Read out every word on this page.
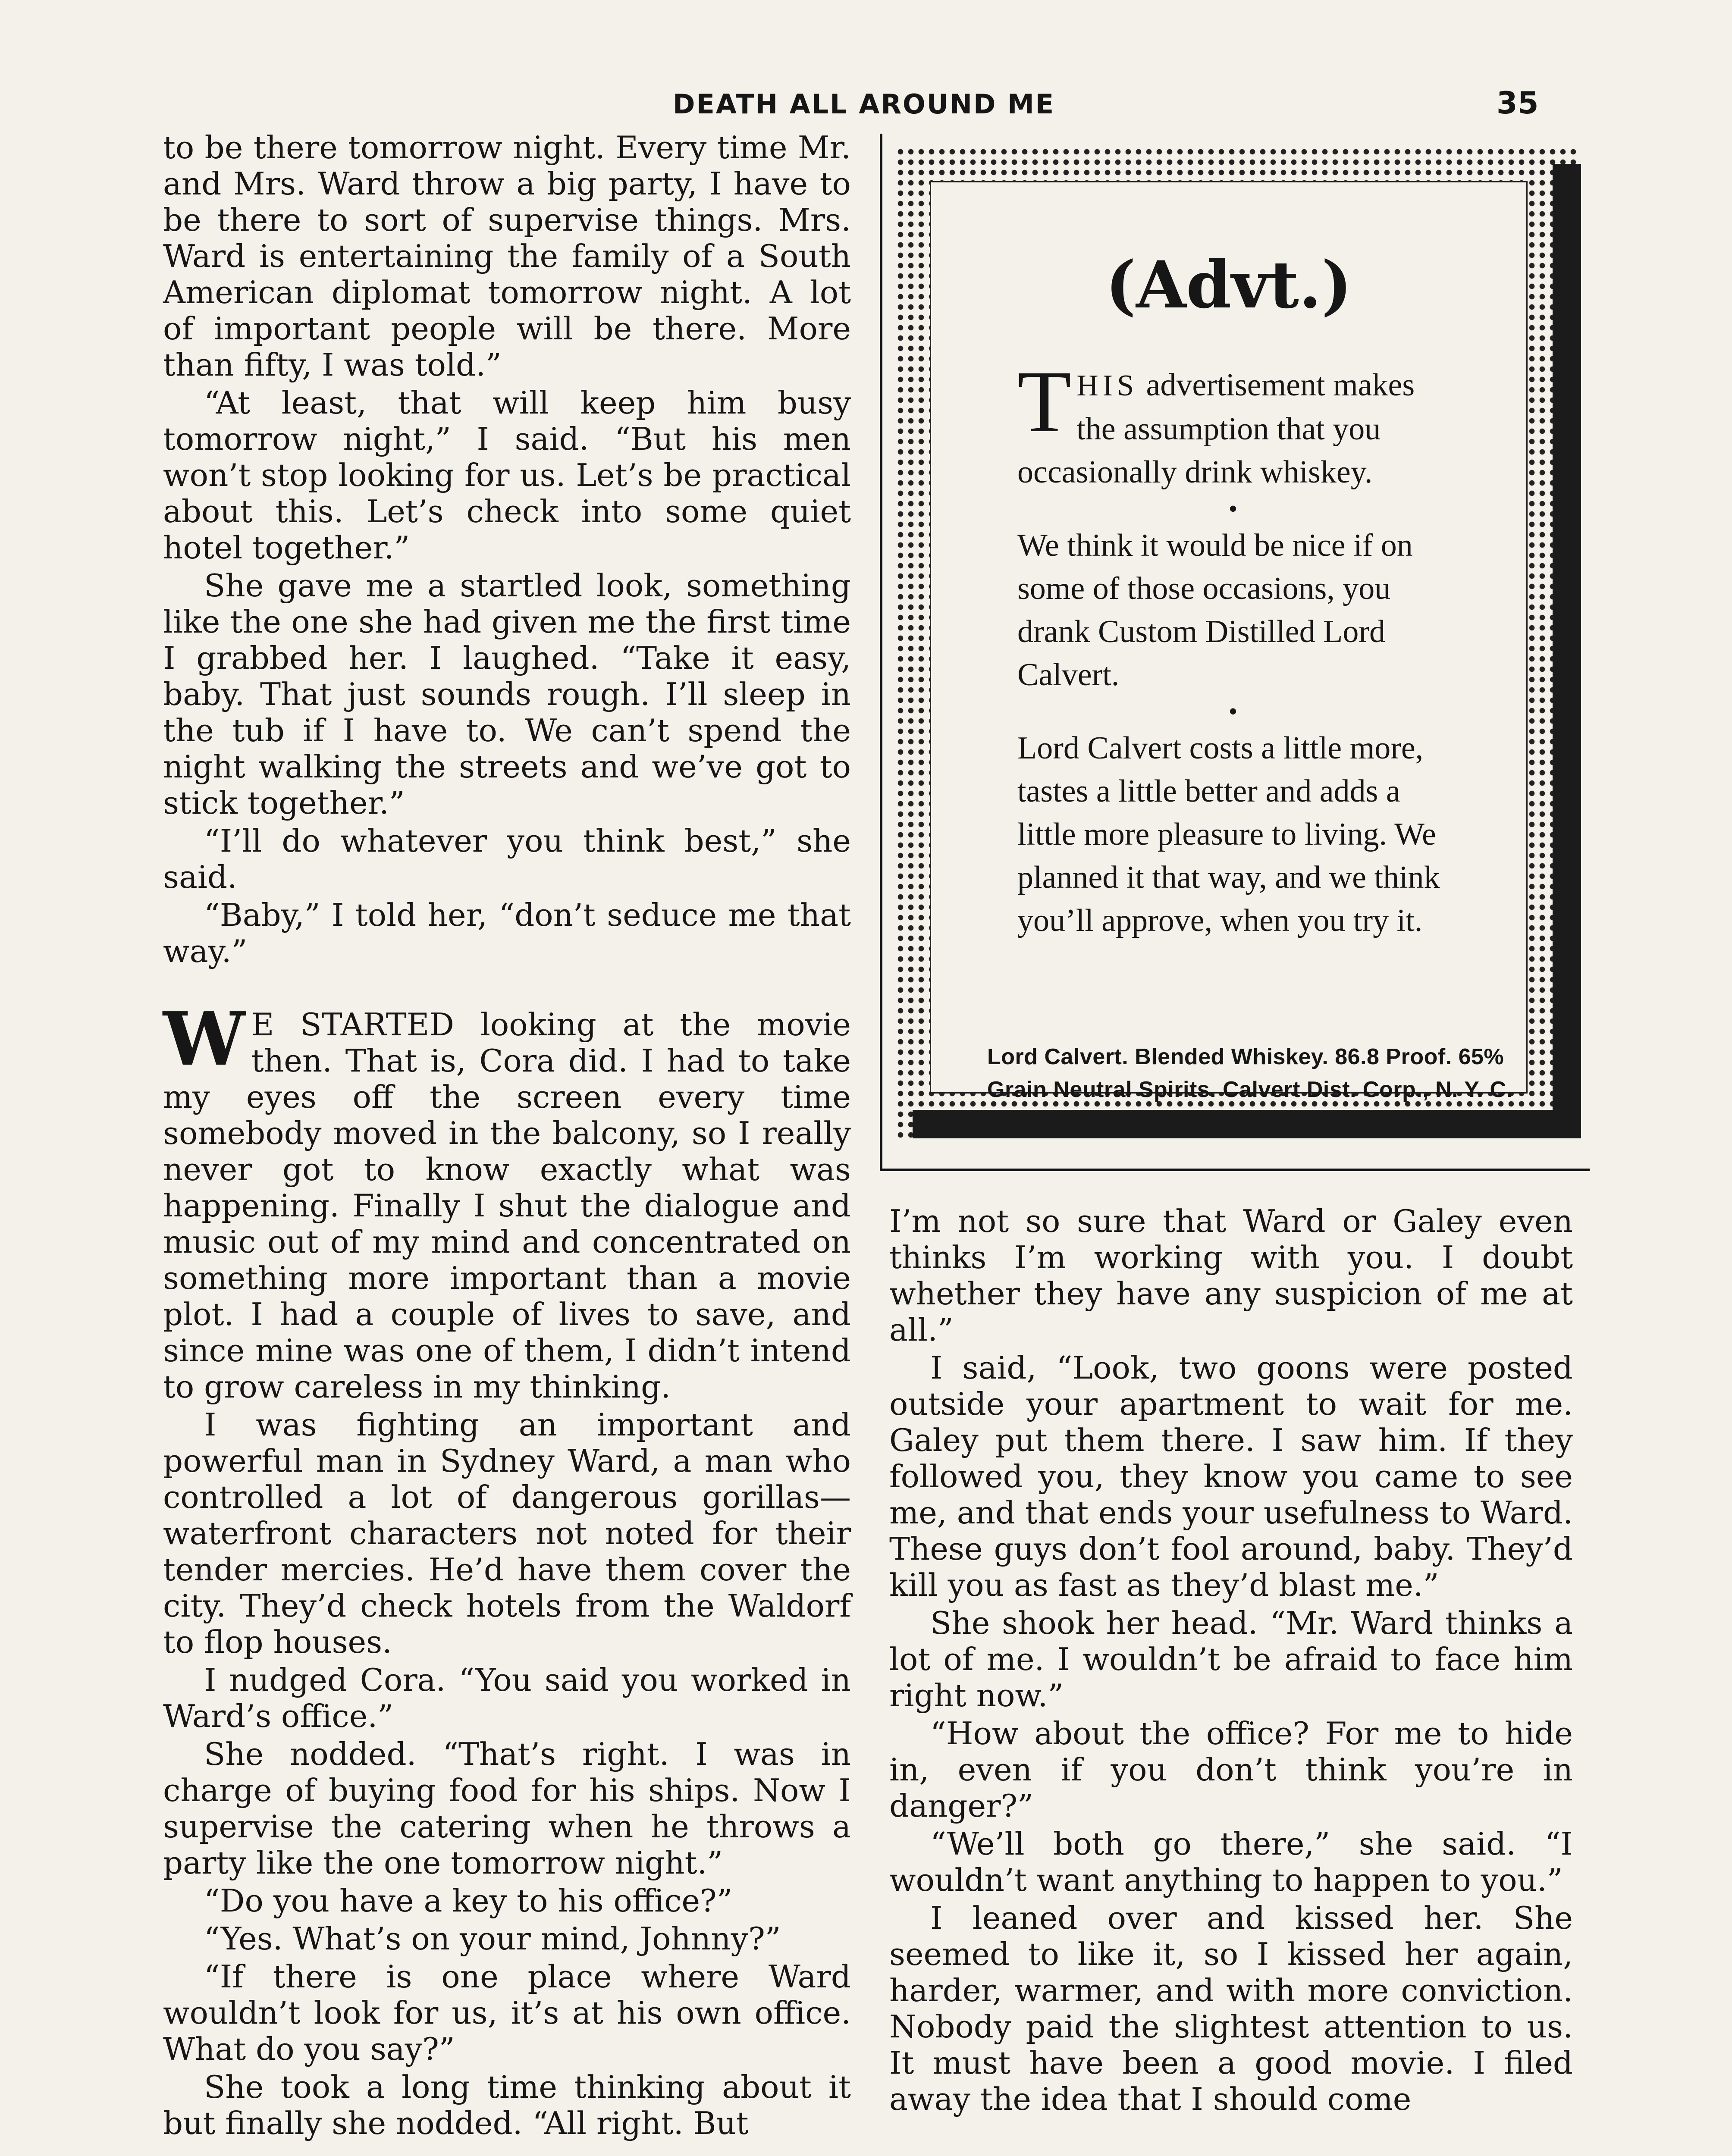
DEATH ALL AROUND ME	35

to be there tomorrow night. Every time Mr. and Mrs. Ward throw a big party, I have to be there to sort of supervise things. Mrs. Ward is entertaining the family of a South American diplomat tomorrow night. A lot of important people will be there. More than fifty, I was told.”

“At least, that will keep him busy tomorrow night,” I said. “But his men won’t stop looking for us. Let’s be practical about this. Let’s check into some quiet hotel together.”

She gave me a startled look, something like the one she had given me the first time I grabbed her. I laughed. “Take it easy, baby. That just sounds rough. I’ll sleep in the tub if I have to. We can’t spend the night walking the streets and we’ve got to stick together.”

“I’ll do whatever you think best,” she said.

“Baby,” I told her, “don’t seduce me that way.”

W E STARTED looking at the movie then. That is, Cora did. I had to take my eyes off the screen every time somebody moved in the balcony, so I really never got to know exactly what was happening. Finally I shut the dialogue and music out of my mind and concentrated on something more important than a movie plot. I had a couple of lives to save, and since mine was one of them, I didn’t intend to grow careless in my thinking.

I was fighting an important and powerful man in Sydney Ward, a man who controlled a lot of dangerous gorillas—waterfront characters not noted for their tender mercies. He’d have them cover the city. They’d check hotels from the Waldorf to flop houses.

I nudged Cora. “You said you worked in Ward’s office.”

She nodded. “That’s right. I was in charge of buying food for his ships. Now I supervise the catering when he throws a party like the one tomorrow night.”

“Do you have a key to his office?”

“Yes. What’s on your mind, Johnny?”

“If there is one place where Ward wouldn’t look for us, it’s at his own office. What do you say?”

She took a long time thinking about it but finally she nodded. “All right. But

(Advt.)

THIS advertisement makes the assumption that you occasionally drink whiskey.

•

We think it would be nice if on some of those occasions, you drank Custom Distilled Lord Calvert.

•

Lord Calvert costs a little more, tastes a little better and adds a little more pleasure to living. We planned it that way, and we think you’ll approve, when you try it.

Lord Calvert. Blended Whiskey. 86.8 Proof. 65%
Grain Neutral Spirits. Calvert Dist. Corp., N. Y. C.

I’m not so sure that Ward or Galey even thinks I’m working with you. I doubt whether they have any suspicion of me at all.”

I said, “Look, two goons were posted outside your apartment to wait for me. Galey put them there. I saw him. If they followed you, they know you came to see me, and that ends your usefulness to Ward. These guys don’t fool around, baby. They’d kill you as fast as they’d blast me.”

She shook her head. “Mr. Ward thinks a lot of me. I wouldn’t be afraid to face him right now.”

“How about the office? For me to hide in, even if you don’t think you’re in danger?”

“We’ll both go there,” she said. “I wouldn’t want anything to happen to you.”

I leaned over and kissed her. She seemed to like it, so I kissed her again, harder, warmer, and with more conviction. Nobody paid the slightest attention to us. It must have been a good movie. I filed away the idea that I should come
